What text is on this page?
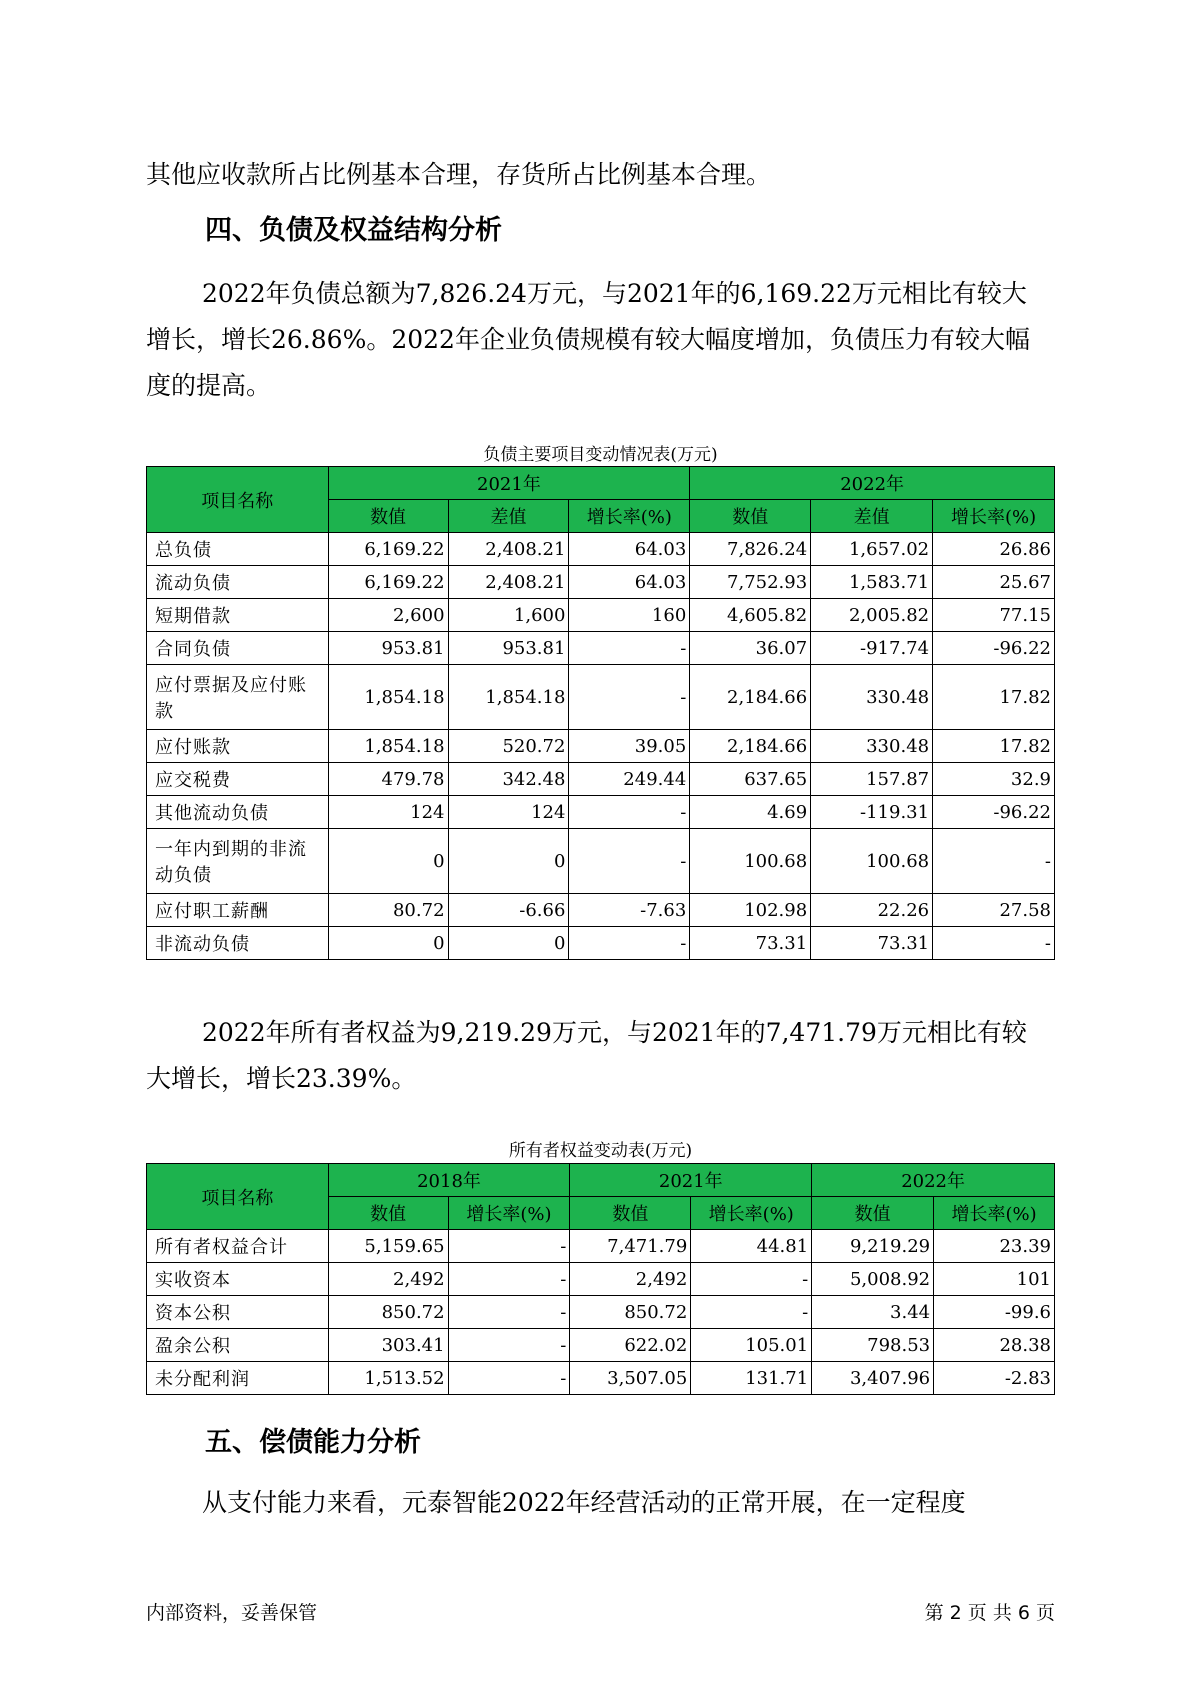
其他应收款所占比例基本合理，存货所占比例基本合理。

四、负债及权益结构分析

2022年负债总额为7,826.24万元，与2021年的6,169.22万元相比有较大增长，增长26.86%。2022年企业负债规模有较大幅度增加，负债压力有较大幅度的提高。

负债主要项目变动情况表(万元)
项目名称	2021年			2022年		
	数值	差值	增长率(%)	数值	差值	增长率(%)
总负债	6,169.22	2,408.21	64.03	7,826.24	1,657.02	26.86
流动负债	6,169.22	2,408.21	64.03	7,752.93	1,583.71	25.67
短期借款	2,600	1,600	160	4,605.82	2,005.82	77.15
合同负债	953.81	953.81	-	36.07	-917.74	-96.22
应付票据及应付账款	1,854.18	1,854.18	-	2,184.66	330.48	17.82
应付账款	1,854.18	520.72	39.05	2,184.66	330.48	17.82
应交税费	479.78	342.48	249.44	637.65	157.87	32.9
其他流动负债	124	124	-	4.69	-119.31	-96.22
一年内到期的非流动负债	0	0	-	100.68	100.68	-
应付职工薪酬	80.72	-6.66	-7.63	102.98	22.26	27.58
非流动负债	0	0	-	73.31	73.31	-

2022年所有者权益为9,219.29万元，与2021年的7,471.79万元相比有较大增长，增长23.39%。

所有者权益变动表(万元)
项目名称	2018年		2021年		2022年	
	数值	增长率(%)	数值	增长率(%)	数值	增长率(%)
所有者权益合计	5,159.65	-	7,471.79	44.81	9,219.29	23.39
实收资本	2,492	-	2,492	-	5,008.92	101
资本公积	850.72	-	850.72	-	3.44	-99.6
盈余公积	303.41	-	622.02	105.01	798.53	28.38
未分配利润	1,513.52	-	3,507.05	131.71	3,407.96	-2.83
五、偿债能力分析

从支付能力来看，元泰智能2022年经营活动的正常开展，在一定程度

内部资料，妥善保管	第 2 页 共 6 页
